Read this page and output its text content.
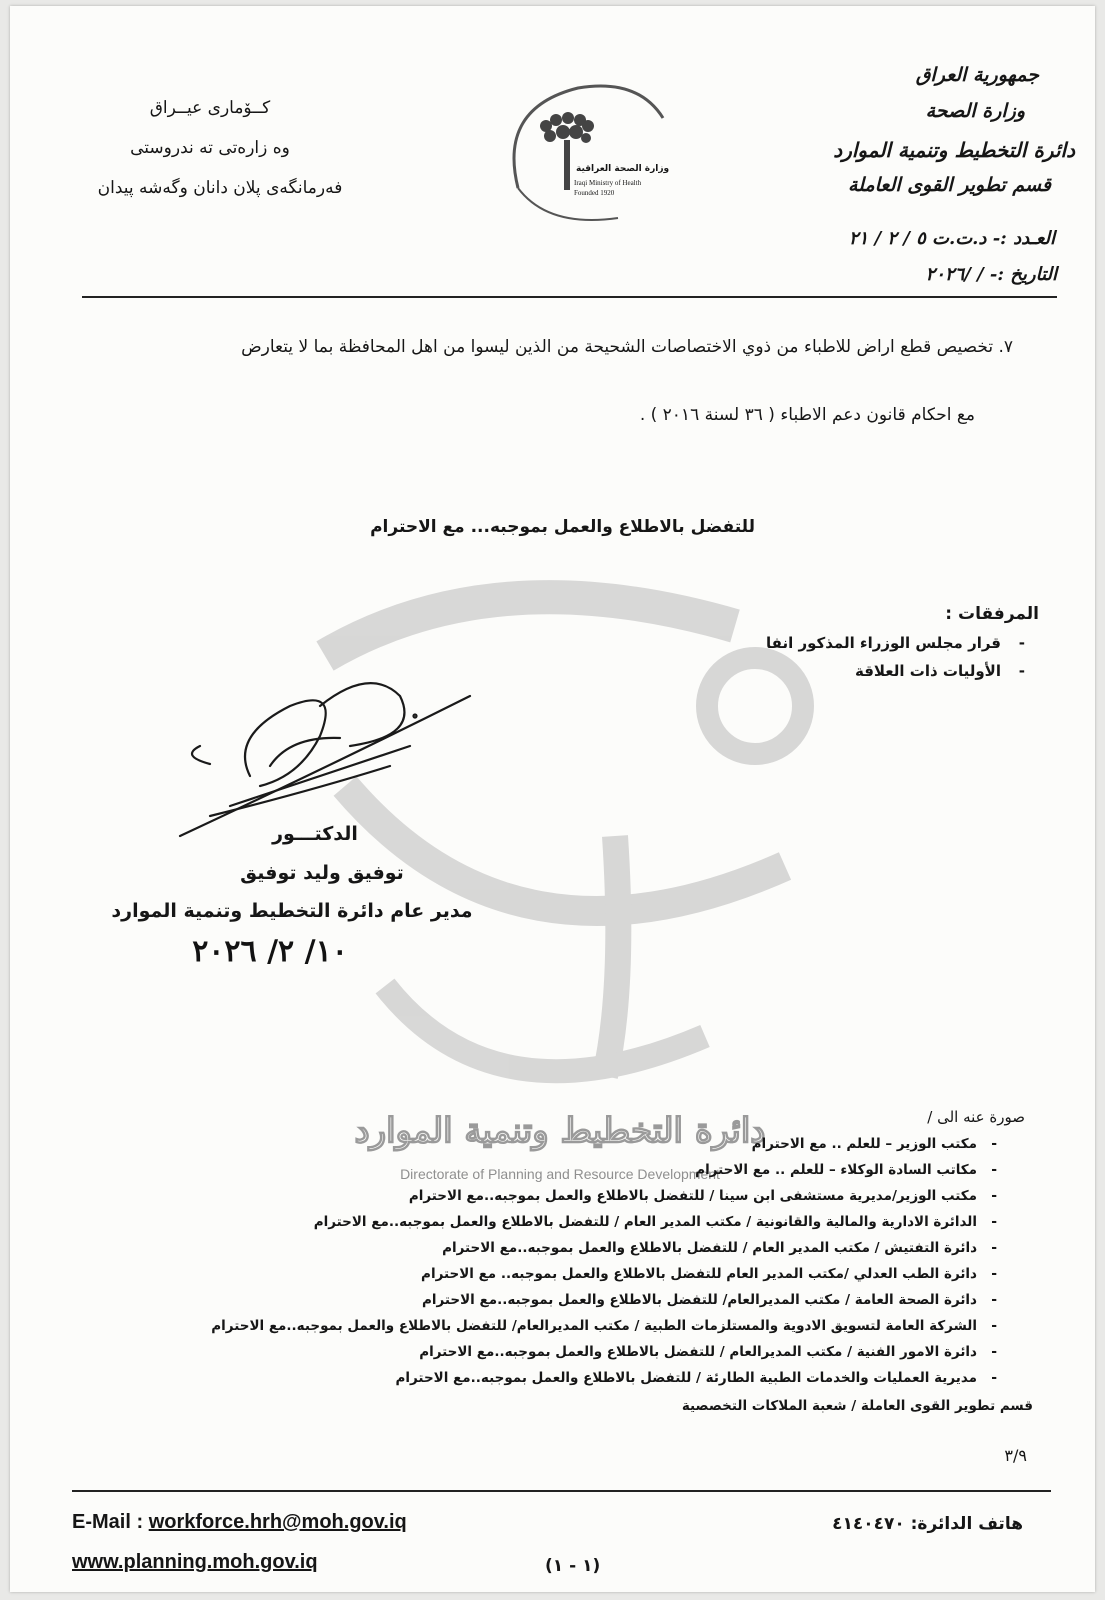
دائرة التخطيط وتنمية الموارد
Directorate of Planning and Resource Development
جمهورية العراق
وزارة الصحة
دائرة التخطيط وتنمية الموارد
قسم تطوير القوى العاملة
كــۆمارى عيــراق
وه زاره‌تى ته ندروستى
فه‌رمانگه‌ى پلان دانان وگه‌شه پيدان
وزارة الصحة العراقية
Iraqi Ministry of Health
Founded 1920
العـدد :- د.ت.ت ٥ / ٢ / ٢١
التاريخ :- / /٢٠٢٦
٧. تخصيص قطع اراض للاطباء من ذوي الاختصاصات الشحيحة من الذين ليسوا من اهل المحافظة بما لا يتعارض
مع احكام قانون دعم الاطباء ( ٣٦ لسنة ٢٠١٦ ) .
للتفضل بالاطلاع والعمل بموجبه... مع الاحترام
المرفقات :
قرار مجلس الوزراء المذكور انفا -
الأوليات ذات العلاقة -
الدكتـــور
توفيق وليد توفيق
مدير عام دائرة التخطيط وتنمية الموارد
١٠/ ٢/ ٢٠٢٦
صورة عنه الى /
مكتب الوزير – للعلم .. مع الاحترام -
مكاتب السادة الوكلاء – للعلم .. مع الاحترام -
مكتب الوزير/مديرية مستشفى ابن سينا / للتفضل بالاطلاع والعمل بموجبه..مع الاحترام -
الدائرة الادارية والمالية والقانونية / مكتب المدير العام / للتفضل بالاطلاع والعمل بموجبه..مع الاحترام -
دائرة التفتيش / مكتب المدير العام / للتفضل بالاطلاع والعمل بموجبه..مع الاحترام -
دائرة الطب العدلي /مكتب المدير العام للتفضل بالاطلاع والعمل بموجبه.. مع الاحترام -
دائرة الصحة العامة / مكتب المديرالعام/ للتفضل بالاطلاع والعمل بموجبه..مع الاحترام -
الشركة العامة لتسويق الادوية والمستلزمات الطبية / مكتب المديرالعام/ للتفضل بالاطلاع والعمل بموجبه..مع الاحترام -
دائرة الامور الفنية / مكتب المديرالعام / للتفضل بالاطلاع والعمل بموجبه..مع الاحترام -
مديرية العمليات والخدمات الطبية الطارئة / للتفضل بالاطلاع والعمل بموجبه..مع الاحترام -
قسم تطوير القوى العاملة / شعبة الملاكات التخصصية
٣/٩
E-Mail : workforce.hrh@moh.gov.iq
www.planning.moh.gov.iq
هاتف الدائرة: ٤١٤٠٤٧٠
(١ - ١)
